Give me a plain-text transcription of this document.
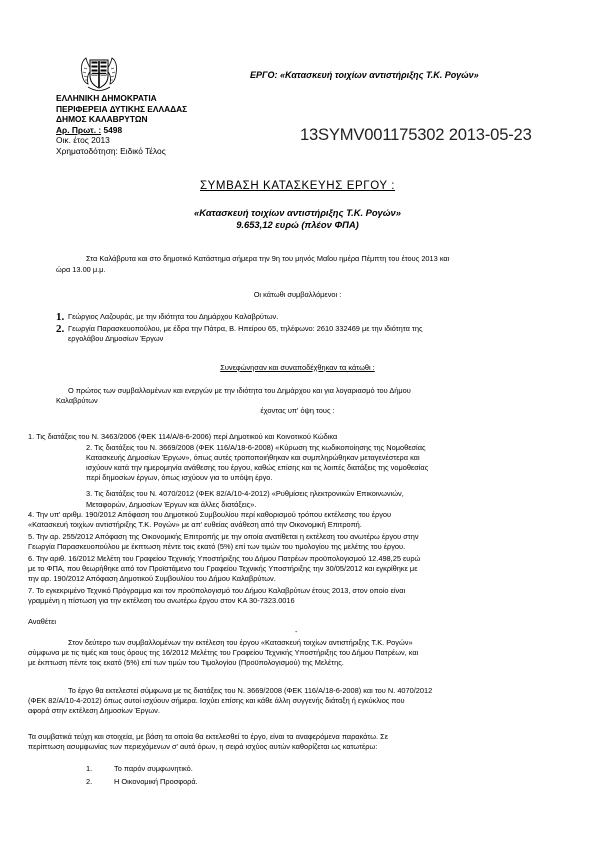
ΕΡΓΟ: «Κατασκευή τοιχίων αντιστήριξης Τ.Κ. Ρογών»
ΕΛΛΗΝΙΚΗ ΔΗΜΟΚΡΑΤΙΑ
ΠΕΡΙΦΕΡΕΙΑ ΔΥΤΙΚΗΣ ΕΛΛΑΔΑΣ
ΔΗΜΟΣ ΚΑΛΑΒΡΥΤΩΝ
Αρ. Πρωτ. : 5498
Οικ. έτος 2013
Χρηματοδότηση: Ειδικό Τέλος
13SYMV001175302 2013-05-23
ΣΥΜΒΑΣΗ ΚΑΤΑΣΚΕΥΗΣ ΕΡΓΟΥ :
«Κατασκευή τοιχίων αντιστήριξης Τ.Κ. Ρογών»
9.653,12 ευρώ (πλέον ΦΠΑ)
Στα Καλάβρυτα και στο δημοτικό Κατάστημα σήμερα την 9η του μηνός Μαΐου ημέρα Πέμπτη του έτους 2013 και
ώρα 13.00 μ.μ.
Οι κάτωθι συμβαλλόμενοι :
1. Γεώργιος Λαζουράς, με την ιδιότητα του Δημάρχου Καλαβρύτων.
2. Γεωργία Παρασκευοπούλου, με έδρα την Πάτρα, Β. Ηπείρου 65, τηλέφωνο: 2610 332469 με την ιδιότητα της
εργολάβου Δημοσίων Έργων
Συνεφώνησαν και συναποδέχθηκαν τα κάτωθι :
Ο πρώτος των συμβαλλομένων και ενεργών με την ιδιότητα του Δημάρχου και για λογαριασμό του Δήμου
Καλαβρύτων
έχοντας υπ' όψη τους :
1. Τις διατάξεις του Ν. 3463/2006 (ΦΕΚ 114/Α/8-6-2006) περί Δημοτικού και Κοινοτικού Κώδικα
2. Τις διατάξεις του Ν. 3669/2008 (ΦΕΚ 116/Α/18-6-2008) «Κύρωση της κωδικοποίησης της Νομοθεσίας
Κατασκευής Δημοσίων Έργων», όπως αυτές τροποποιήθηκαν και συμπληρώθηκαν μεταγενέστερα και
ισχύουν κατά την ημερομηνία ανάθεσης του έργου, καθώς επίσης και τις λοιπές διατάξεις της νομοθεσίας
περί δημοσίων έργων, όπως ισχύουν για το υπόψη έργο.
3. Τις διατάξεις του Ν. 4070/2012 (ΦΕΚ 82/Α/10-4-2012) «Ρυθμίσεις ηλεκτρονικών Επικοινωνιών,
Μεταφορών, Δημοσίων Έργων και άλλες διατάξεις».
4. Την υπ' αριθμ. 190/2012 Απόφαση του Δημοτικού Συμβουλίου περί καθορισμού τρόπου εκτέλεσης του έργου
«Κατασκευή τοιχίων αντιστήριξης Τ.Κ. Ρογών» με απ' ευθείας ανάθεση από την Οικονομική Επιτροπή.
5. Την αρ. 255/2012 Απόφαση της Οικονομικής Επιτροπής με την οποία ανατίθεται η εκτέλεση του ανωτέρω έργου στην
Γεωργία Παρασκευοπούλου με έκπτωση πέντε τοις εκατό (5%) επί των τιμών του τιμολογίου της μελέτης του έργου.
6. Την αριθ. 16/2012 Μελέτη του Γραφείου Τεχνικής Υποστήριξης του Δήμου Πατρέων προϋπολογισμού 12.498,25 ευρώ
με το ΦΠΑ, που θεωρήθηκε από τον Προϊστάμενο του Γραφείου Τεχνικής Υποστήριξης την 30/05/2012 και εγκρίθηκε με
την αρ. 190/2012 Απόφαση Δημοτικού Συμβουλίου του Δήμου Καλαβρύτων.
7. Το εγκεκριμένο Τεχνικό Πρόγραμμα και τον προϋπολογισμό του Δήμου Καλαβρύτων έτους 2013, στον οποίο είναι
γραμμένη η πίστωση για την εκτέλεση του ανωτέρω έργου στον ΚΑ 30-7323.0016
Αναθέτει
-
Στον δεύτερο των συμβαλλομένων την εκτέλεση του έργου «Κατασκευή τοιχίων αντιστήριξης Τ.Κ. Ρογών»
σύμφωνα με τις τιμές και τους όρους της 16/2012 Μελέτης του Γραφείου Τεχνικής Υποστήριξης του Δήμου Πατρέων, και
με έκπτωση πέντε τοις εκατό (5%) επί των τιμών του Τιμολογίου (Προϋπολογισμού) της Μελέτης.
Το έργο θα εκτελεστεί σύμφωνα με τις διατάξεις του Ν. 3669/2008 (ΦΕΚ 116/Α/18-6-2008) και του Ν. 4070/2012
(ΦΕΚ 82/Α/10-4-2012) όπως αυτοί ισχύουν σήμερα. Ισχύει επίσης και κάθε άλλη συγγενής διάταξη ή εγκύκλιος που
αφορά στην εκτέλεση Δημοσίων Έργων.
Τα συμβατικά τεύχη και στοιχεία, με βάση τα οποία θα εκτελεσθεί το έργο, είναι τα αναφερόμενα παρακάτω. Σε
περίπτωση ασυμφωνίας των περιεχόμενων σ' αυτά όρων, η σειρά ισχύος αυτών καθορίζεται ως κατωτέρω:
1.	Το παρόν συμφωνητικό.
2.	Η Οικονομική Προσφορά.
